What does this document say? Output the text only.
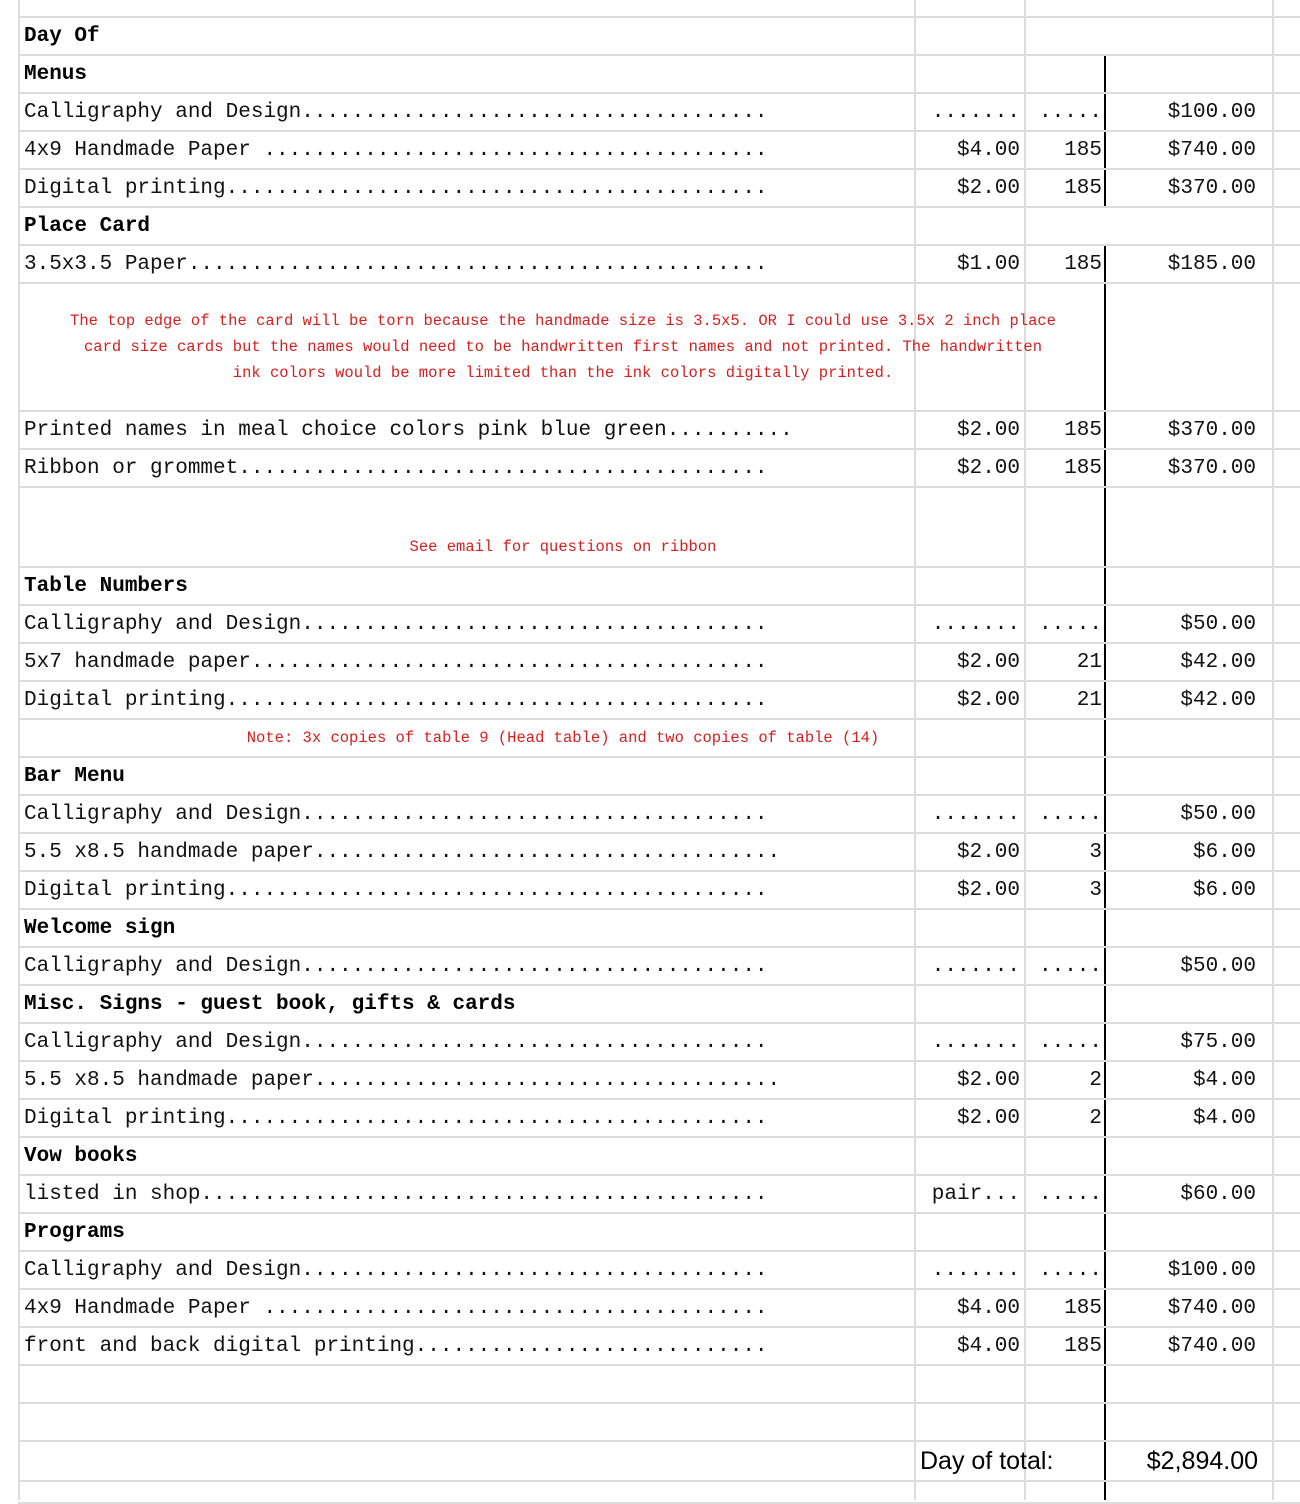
Day Of
Menus
Calligraphy and Design.....................................	....... .....	$100.00
4x9 Handmade Paper ........................................	$4.00	185	$740.00
Digital printing...........................................	$2.00	185	$370.00
Place Card
3.5x3.5 Paper..............................................	$1.00	185	$185.00
The top edge of the card will be torn because the handmade size is 3.5x5. OR I could use 3.5x 2 inch place
card size cards but the names would need to be handwritten first names and not printed. The handwritten
ink colors would be more limited than the ink colors digitally printed.
Printed names in meal choice colors pink blue green..........	$2.00	185	$370.00
Ribbon or grommet..........................................	$2.00	185	$370.00
See email for questions on ribbon
Table Numbers
Calligraphy and Design.....................................	....... .....	$50.00
5x7 handmade paper.........................................	$2.00	21	$42.00
Digital printing...........................................	$2.00	21	$42.00
Note: 3x copies of table 9 (Head table) and two copies of table (14)
Bar Menu
Calligraphy and Design.....................................	....... .....	$50.00
5.5 x8.5 handmade paper.....................................	$2.00	3	$6.00
Digital printing...........................................	$2.00	3	$6.00
Welcome sign
Calligraphy and Design.....................................	....... .....	$50.00
Misc. Signs - guest book, gifts & cards
Calligraphy and Design.....................................	....... .....	$75.00
5.5 x8.5 handmade paper.....................................	$2.00	2	$4.00
Digital printing...........................................	$2.00	2	$4.00
Vow books
listed in shop.............................................	pair... .....	$60.00
Programs
Calligraphy and Design.....................................	....... .....	$100.00
4x9 Handmade Paper ........................................	$4.00	185	$740.00
front and back digital printing............................	$4.00	185	$740.00
Day of total:	$2,894.00
